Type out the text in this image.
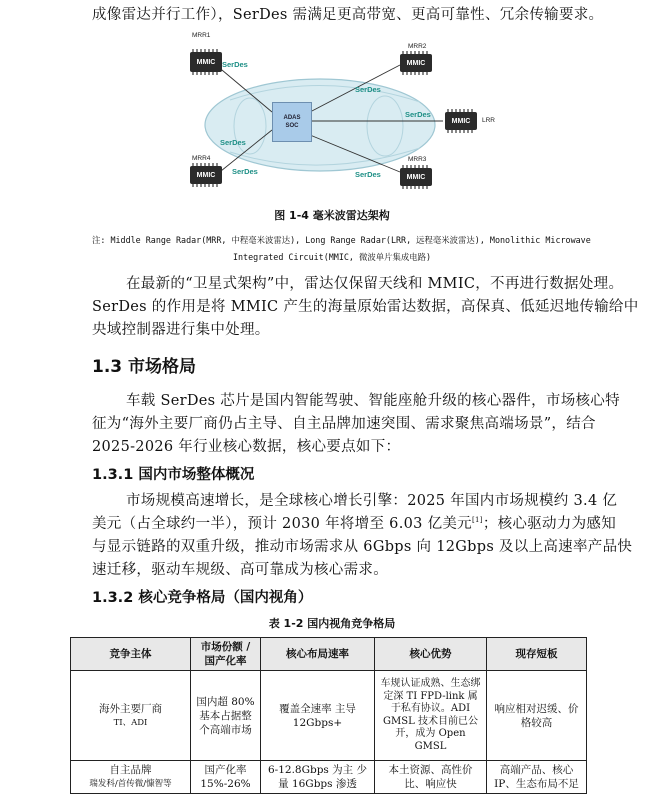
成像雷达并行工作），SerDes 需满足更高带宽、更高可靠性、冗余传输要求。
MRR1
MMIC SerDes
MRR2
MMIC
SerDes
SerDes
MMIC LRR
SerDes
MRR4
MMIC SerDes
MRR3
SerDes	MMIC
ADAS
SOC
图 1-4 毫米波雷达架构
注: Middle Range Radar(MRR, 中程毫米波雷达), Long Range Radar(LRR, 远程毫米波雷达), Monolithic Microwave
Integrated Circuit(MMIC, 微波单片集成电路)
在最新的“卫星式架构”中，雷达仅保留天线和 MMIC，不再进行数据处理。
SerDes 的作用是将 MMIC 产生的海量原始雷达数据，高保真、低延迟地传输给中
央域控制器进行集中处理。
1.3 市场格局
车载 SerDes 芯片是国内智能驾驶、智能座舱升级的核心器件，市场核心特
征为“海外主要厂商仍占主导、自主品牌加速突围、需求聚焦高端场景”，结合
2025-2026 年行业核心数据，核心要点如下：
1.3.1 国内市场整体概况
市场规模高速增长，是全球核心增长引擎：2025 年国内市场规模约 3.4 亿
美元（占全球约一半），预计 2030 年将增至 6.03 亿美元[1]；核心驱动力为感知
与显示链路的双重升级，推动市场需求从 6Gbps 向 12Gbps 及以上高速率产品快
速迁移，驱动车规级、高可靠成为核心需求。
1.3.2 核心竞争格局（国内视角）
表 1-2 国内视角竞争格局
竞争主体	市场份额 / 国产化率	核心布局速率	核心优势	现存短板
海外主要厂商
TI、ADI	国内超 80% 基本占据整个高端市场	覆盖全速率 主导 12Gbps+	车规认证成熟、生态绑定深 TI FPD-link 属于私有协议。ADI GMSL 技术目前已公开，成为 Open GMSL	响应相对迟缓、价格较高
自主品牌
瑞发科/首传微/慷智等	国产化率 15%-26%	6-12.8Gbps 为主 少量 16Gbps 渗透	本土资源、高性价比、响应快	高端产品、核心 IP、生态布局不足
